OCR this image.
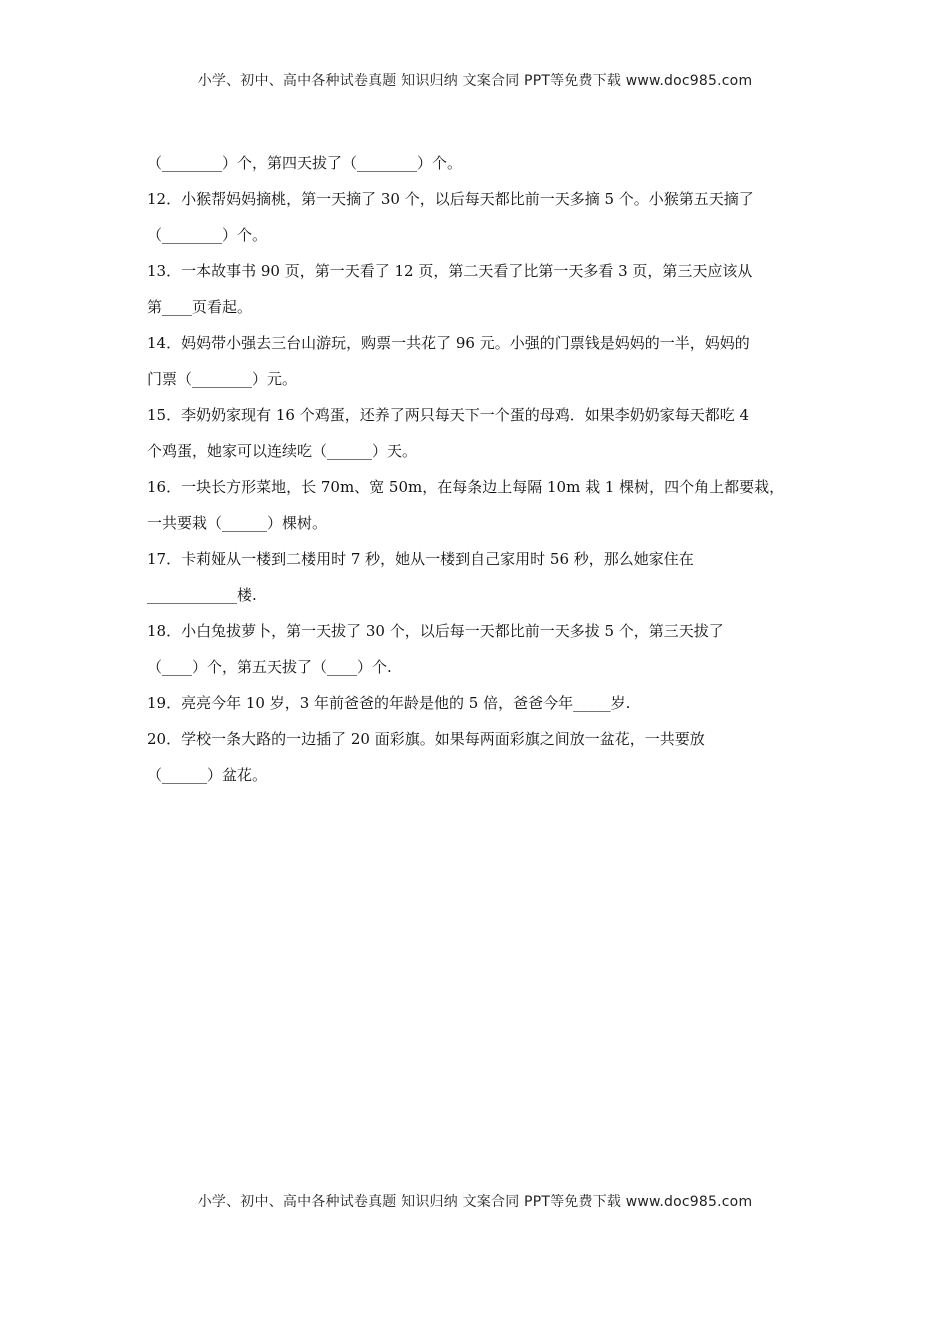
小学、初中、高中各种试卷真题 知识归纳 文案合同 PPT等免费下载 www.doc985.com
（________）个，第四天拔了（________）个。
12．小猴帮妈妈摘桃，第一天摘了 30 个，以后每天都比前一天多摘 5 个。小猴第五天摘了
（________）个。
13．一本故事书 90 页，第一天看了 12 页，第二天看了比第一天多看 3 页，第三天应该从
第____页看起。
14．妈妈带小强去三台山游玩，购票一共花了 96 元。小强的门票钱是妈妈的一半，妈妈的
门票（________）元。
15．李奶奶家现有 16 个鸡蛋，还养了两只每天下一个蛋的母鸡．如果李奶奶家每天都吃 4
个鸡蛋，她家可以连续吃（______）天。
16．一块长方形菜地，长 70m、宽 50m，在每条边上每隔 10m 栽 1 棵树，四个角上都要栽，
一共要栽（______）棵树。
17．卡莉娅从一楼到二楼用时 7 秒，她从一楼到自己家用时 56 秒，那么她家住在
____________楼.
18．小白兔拔萝卜，第一天拔了 30 个，以后每一天都比前一天多拔 5 个，第三天拔了
（____）个，第五天拔了（____）个.
19．亮亮今年 10 岁，3 年前爸爸的年龄是他的 5 倍，爸爸今年_____岁.
20．学校一条大路的一边插了 20 面彩旗。如果每两面彩旗之间放一盆花，一共要放
（______）盆花。
小学、初中、高中各种试卷真题 知识归纳 文案合同 PPT等免费下载 www.doc985.com
